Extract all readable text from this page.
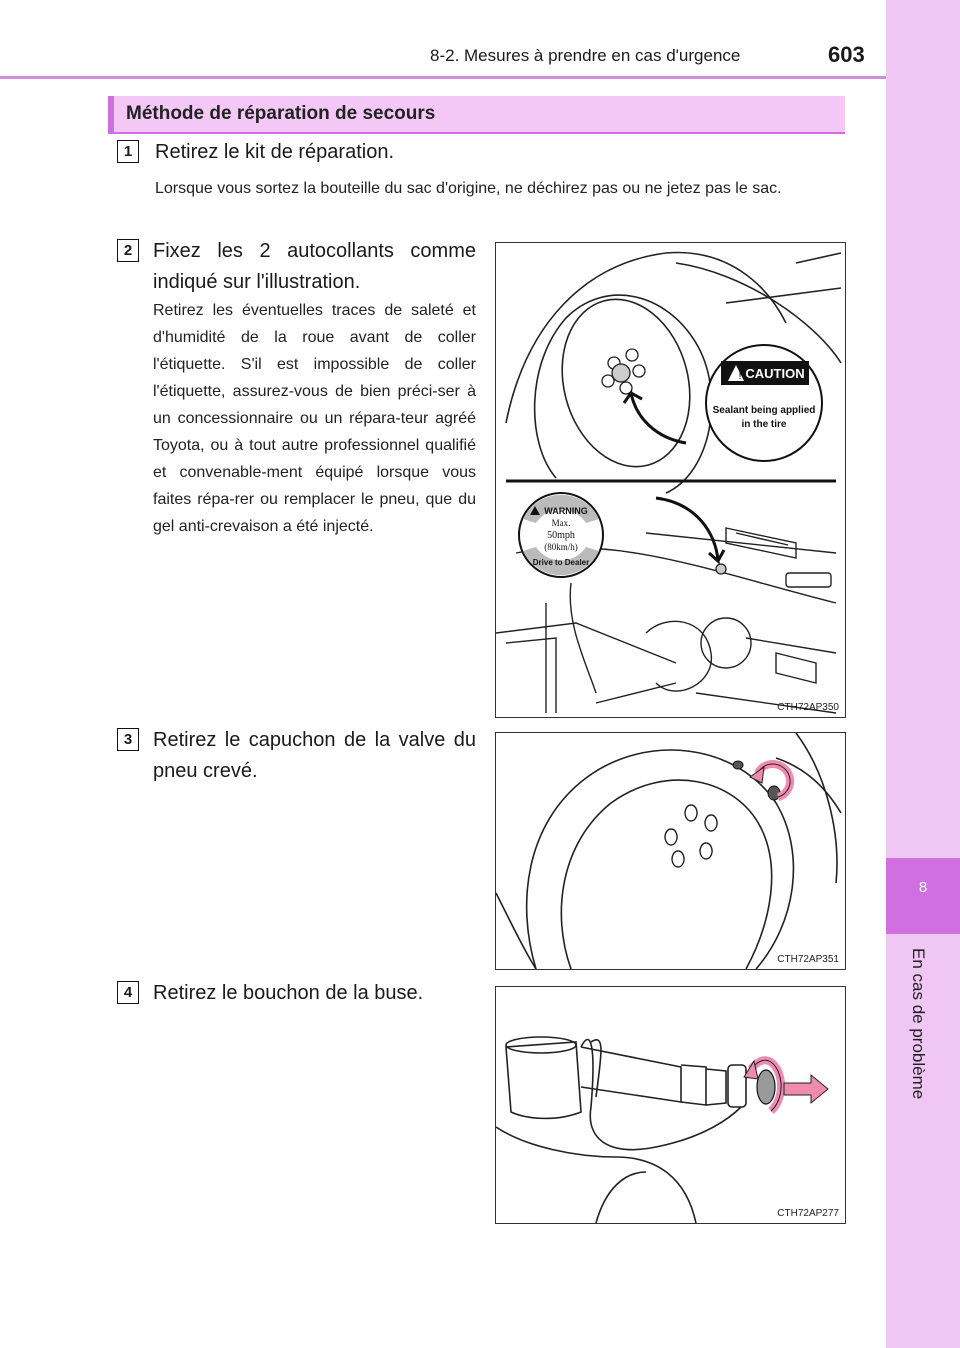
8-2. Mesures à prendre en cas d'urgence	603
8
En cas de problème
Méthode de réparation de secours
1	Retirez le kit de réparation.
Lorsque vous sortez la bouteille du sac d'origine, ne déchirez pas ou ne jetez pas le sac.
2	Fixez les 2 autocollants comme indiqué sur l'illustration.
Retirez les éventuelles traces de saleté et d'humidité de la roue avant de coller l'étiquette. S'il est impossible de coller l'étiquette, assurez-vous de bien préci-ser à un concessionnaire ou un répara-teur agréé Toyota, ou à tout autre professionnel qualifié et convenable-ment équipé lorsque vous faites répa-rer ou remplacer le pneu, que du gel anti-crevaison a été injecté.
! CAUTION
Sealant being applied
in the tire
WARNING
Max.
50mph
(80km/h)
Drive to Dealer
CTH72AP350
3	Retirez le capuchon de la valve du pneu crevé.
CTH72AP351
4	Retirez le bouchon de la buse.
CTH72AP277
